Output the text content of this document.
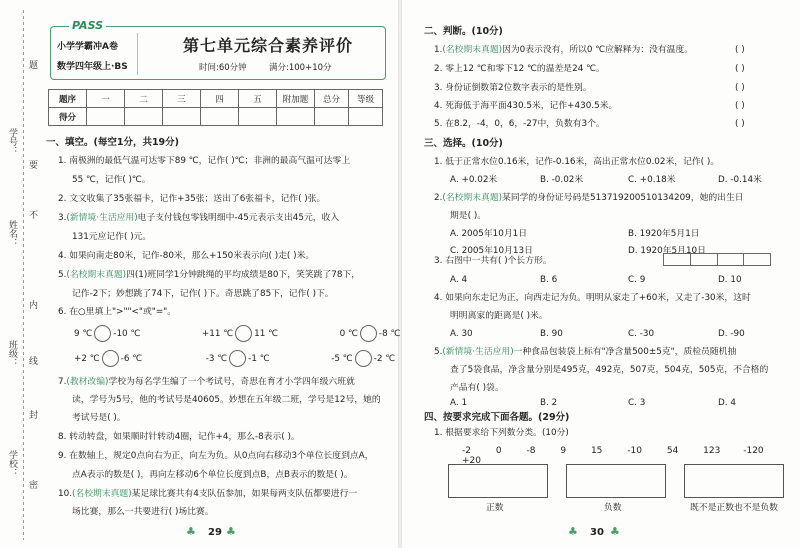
题
学号：
要
不
姓名：
内
班级： 线
封
学校：
密
PASS
小学学霸冲A卷
数学四年级上·BS
第七单元综合素养评价
时间:60分钟	满分:100+10分
题序	一	二	三	四	五	附加题	总分	等级
得分								
一、填空。(每空1分，共19分)
1. 南极洲的最低气温可达零下89 ℃，记作( )℃；非洲的最高气温可达零上
55 ℃，记作( )℃。
2. 文文收集了35张福卡，记作+35张；送出了6张福卡，记作( )张。
3.(新情境·生活应用)电子支付钱包零钱明细中-45元表示支出45元，收入
131元应记作( )元。
4. 如果向南走80米，记作-80米，那么+150米表示向( )走( )米。
5.(名校期末真题)四(1)班同学1分钟跳绳的平均成绩是80下，笑笑跳了78下，
记作-2下；妙想跳了74下，记作( )下。奇思跳了85下，记作( )下。
6. 在○里填上">""<"或"="。
9 ℃ -10 ℃	+11 ℃ 11 ℃	0 ℃ -8 ℃
+2 ℃ -6 ℃	-3 ℃ -1 ℃	-5 ℃ -2 ℃
7.(教材改编)学校为每名学生编了一个考试号，奇思在育才小学四年级六班就
读，学号为5号，他的考试号是40605。妙想在五年级二班，学号是12号，她的
考试号是( )。
8. 转动转盘，如果顺时针转动4圈，记作+4，那么-8表示( )。
9. 在数轴上，规定0点向右为正，向左为负。从0点向右移动3个单位长度到点A，
点A表示的数是( )，再向左移动6个单位长度到点B，点B表示的数是( )。
10.(名校期末真题)某足球比赛共有4支队伍参加，如果每两支队伍都要进行一
场比赛，那么一共要进行( )场比赛。
♣ 29 ♣
二、判断。(10分)
1.(名校期末真题)因为0表示没有，所以0 ℃应解释为：没有温度。	( )
2. 零上12 ℃和零下12 ℃的温差是24 ℃。	( )
3. 身份证倒数第2位数字表示的是性别。	( )
4. 死海低于海平面430.5米，记作+430.5米。	( )
5. 在8.2，-4，0，6，-27中，负数有3个。	( )
三、选择。(10分)
1. 低于正常水位0.16米，记作-0.16米，高出正常水位0.02米，记作( )。
A. +0.02米	B. -0.02米	C. +0.18米	D. -0.14米
2.(名校期末真题)某同学的身份证号码是513719200510134209，她的出生日
期是( )。
A. 2005年10月1日	B. 1920年5月1日
C. 2005年10月13日	D. 1920年5月10日
3. 右图中一共有( )个长方形。
A. 4	B. 6	C. 9	D. 10
4. 如果向东走记为正，向西走记为负。明明从家走了+60米，又走了-30米，这时
明明离家的距离是( )米。
A. 30	B. 90	C. -30	D. -90
5.(新情境·生活应用)一种食品包装袋上标有"净含量500±5克"，质检员随机抽
查了5袋食品，净含量分别是495克，492克，507克，504克，505克，不合格的
产品有( )袋。
A. 1	B. 2	C. 3	D. 4
四、按要求完成下面各题。(29分)
1. 根据要求给下列数分类。(10分)
-2	0	-8	9	15	-10	54	123	-120 +20
正数	负数	既不是正数也不是负数
♣ 30 ♣
